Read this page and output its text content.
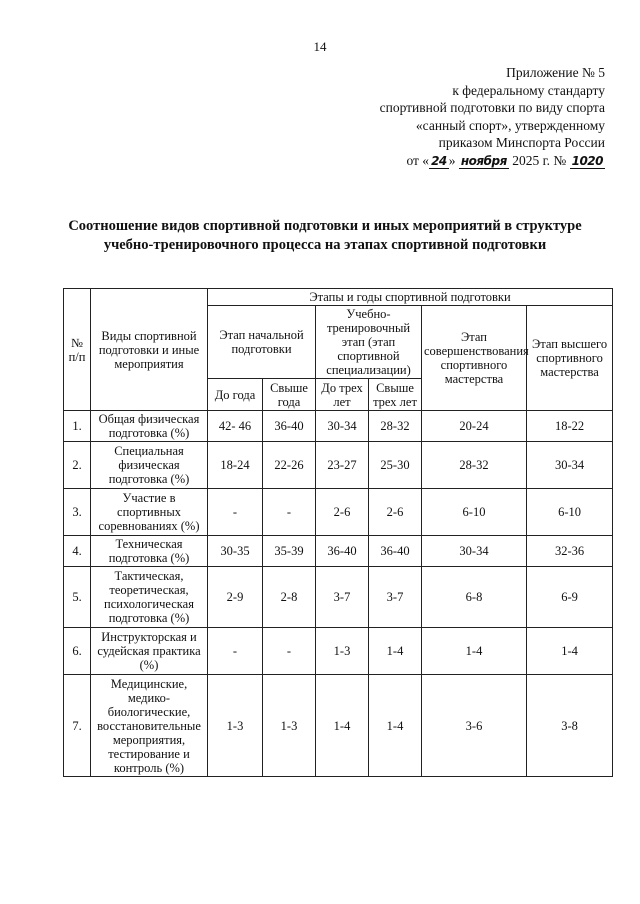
14
Приложение № 5
к федеральному стандарту
спортивной подготовки по виду спорта
«санный спорт», утвержденному
приказом Минспорта России
от « 24 » ноября 2025 г. № 1020
Соотношение видов спортивной подготовки и иных мероприятий в структуре
учебно-тренировочного процесса на этапах спортивной подготовки
№ п/п	Виды спортивной подготовки и иные мероприятия	Этапы и годы спортивной подготовки					
		Этап начальной подготовки		Учебно-тренировочный этап (этап спортивной специализации)		Этап совершенствования спортивного мастерства	Этап высшего спортивного мастерства
		До года	Свыше года	До трех лет	Свыше трех лет		
1.	Общая физическая подготовка (%)	42- 46	36-40	30-34	28-32	20-24	18-22
2.	Специальная физическая подготовка (%)	18-24	22-26	23-27	25-30	28-32	30-34
3.	Участие в спортивных соревнованиях (%)	-	-	2-6	2-6	6-10	6-10
4.	Техническая подготовка (%)	30-35	35-39	36-40	36-40	30-34	32-36
5.	Тактическая, теоретическая, психологическая подготовка (%)	2-9	2-8	3-7	3-7	6-8	6-9
6.	Инструкторская и судейская практика (%)	-	-	1-3	1-4	1-4	1-4
7.	Медицинские, медико-биологические, восстановительные мероприятия, тестирование и контроль (%)	1-3	1-3	1-4	1-4	3-6	3-8
